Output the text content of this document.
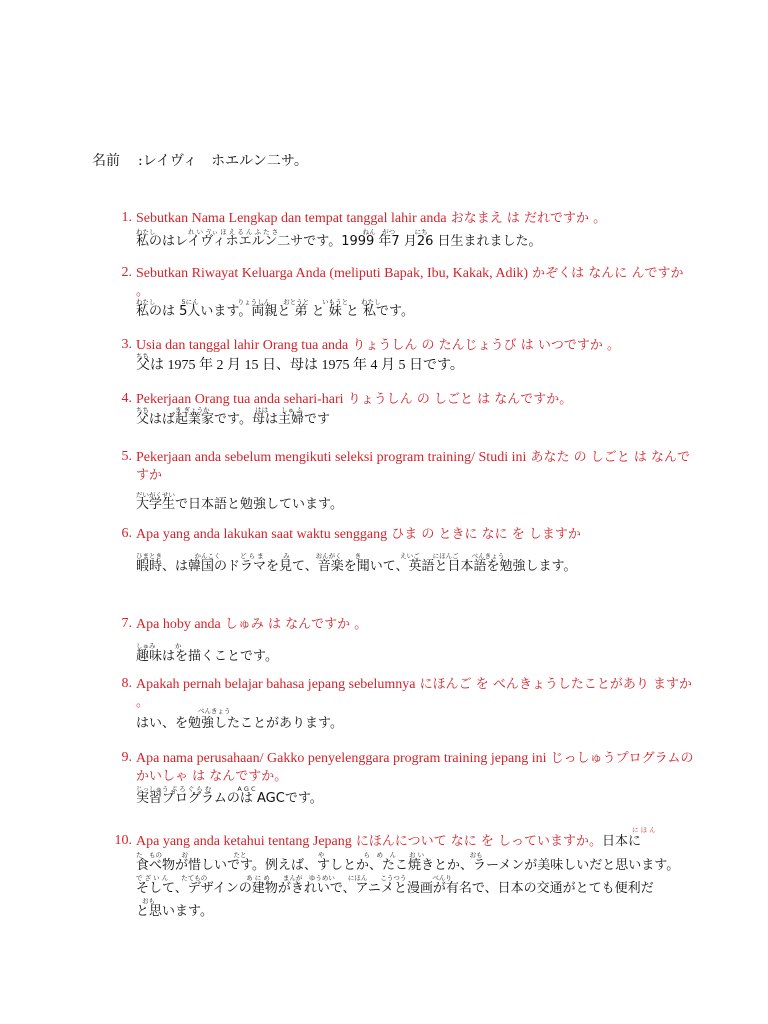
名前 :レイヴィ　ホエルン二サ。
1. Sebutkan Nama Lengkap dan tempat tanggal lahir anda おなまえ は だれですか 。
わたし　　　　　れ い ゔぃ ほ え る ん ふ た さ　　　　　　　　　　　　　ねん　がつ　　　にち
私のはレイヴィホエルン二サです。1999 年7 月26 日生まれました。
2. Sebutkan Riwayat Keluarga Anda (meliputi Bapak, Ibu, Kakak, Adik) かぞくは なんに んですか 。
わたし　　　　5にん　　　　　　りょうしん　　おとうと　　いもうと　　わたし
私のは 5人います。両親と 弟 と 妹 と 私です。
3. Usia dan tanggal lahir Orang tua anda りょうしん の たんじょうび は いつですか 。
ちち
父は 1975 年 2 月 15 日、母は 1975 年 4 月 5 日です。
4. Pekerjaan Orang tua anda sehari-hari りょうしん の しごと は なんですか。
ちち　　　　き ぎょうか　　　　　　　はは　　しゅ ふ
父はば起業家です。母は主婦です
5. Pekerjaan anda sebelum mengikuti seleksi program training/ Studi ini あなた の しごと は なんですか
だいがくせい
大学生で日本語と勉強しています。
6. Apa yang anda lakukan saat waktu senggang ひま の ときに なに を しますか
ひまとき　　　　　かんこく　　　ど ら ま　　　み　　　　おんがく　　き　　　　　　えいご　　にほんご　　べんきょう
暇時、は韓国のドラマを見て、音楽を聞いて、英語と日本語を勉強します。
7. Apa hoby anda しゅみ は なんですか 。
しゅみ　　　か
趣味はを描くことです。
8. Apakah pernah belajar bahasa jepang sebelumnya にほんご を べんきょうしたことがあり ますか 。
べんきょう
はい、を勉強したことがあります。
9. Apa nama perusahaan/ Gakko penyelenggara program training jepang ini じっしゅうプログラムのかいしゃ は なんですか。
じっしゅう ぷ ろ ぐ ら む　　　　A G C
実習プログラムのは AGCです。
10.
に ほ ん
Apa yang anda ketahui tentang Jepang にほんについて なに を しっていますか。日本に
た　もの　　　お　　　　　　　たと　　　　　　　　　　　や　　　　　　ら　め　ん　　お い　　　　　　　おも
食べ物が惜しいです。例えば、すしとか、たこ焼きとか、ラーメンが美味しいだと思います。
で ざ い ん　　たてもの　　　　　　あ に め　　まんが　ゆうめい　　にほん　　こうつう　　　　べんり
そして、デザインの建物がきれいで、アニメと漫画が有名で、日本の交通がとても便利だ
おも
と思います。
